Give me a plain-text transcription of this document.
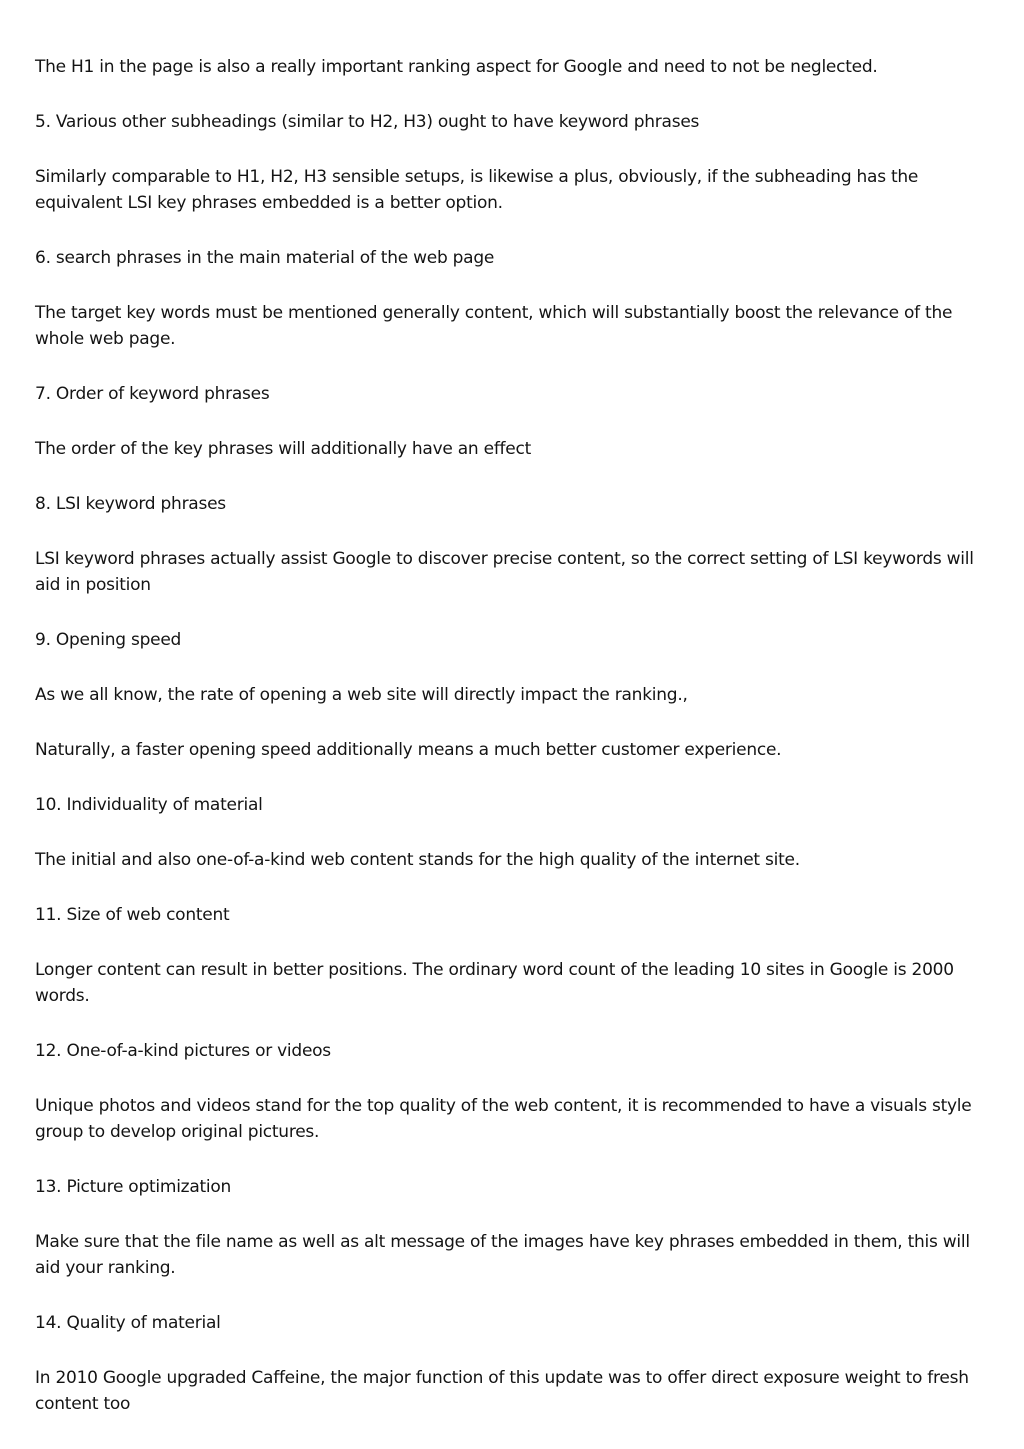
The H1 in the page is also a really important ranking aspect for Google and need to not be neglected.

5. Various other subheadings (similar to H2, H3) ought to have keyword phrases

Similarly comparable to H1, H2, H3 sensible setups, is likewise a plus, obviously, if the subheading has the equivalent LSI key phrases embedded is a better option.

6. search phrases in the main material of the web page

The target key words must be mentioned generally content, which will substantially boost the relevance of the whole web page.

7. Order of keyword phrases

The order of the key phrases will additionally have an effect

8. LSI keyword phrases

LSI keyword phrases actually assist Google to discover precise content, so the correct setting of LSI keywords will aid in position

9. Opening speed

As we all know, the rate of opening a web site will directly impact the ranking.,

Naturally, a faster opening speed additionally means a much better customer experience.

10. Individuality of material

The initial and also one-of-a-kind web content stands for the high quality of the internet site.

11. Size of web content

Longer content can result in better positions. The ordinary word count of the leading 10 sites in Google is 2000 words.

12. One-of-a-kind pictures or videos

Unique photos and videos stand for the top quality of the web content, it is recommended to have a visuals style group to develop original pictures.

13. Picture optimization

Make sure that the file name as well as alt message of the images have key phrases embedded in them, this will aid your ranking.

14. Quality of material

In 2010 Google upgraded Caffeine, the major function of this update was to offer direct exposure weight to fresh content too
